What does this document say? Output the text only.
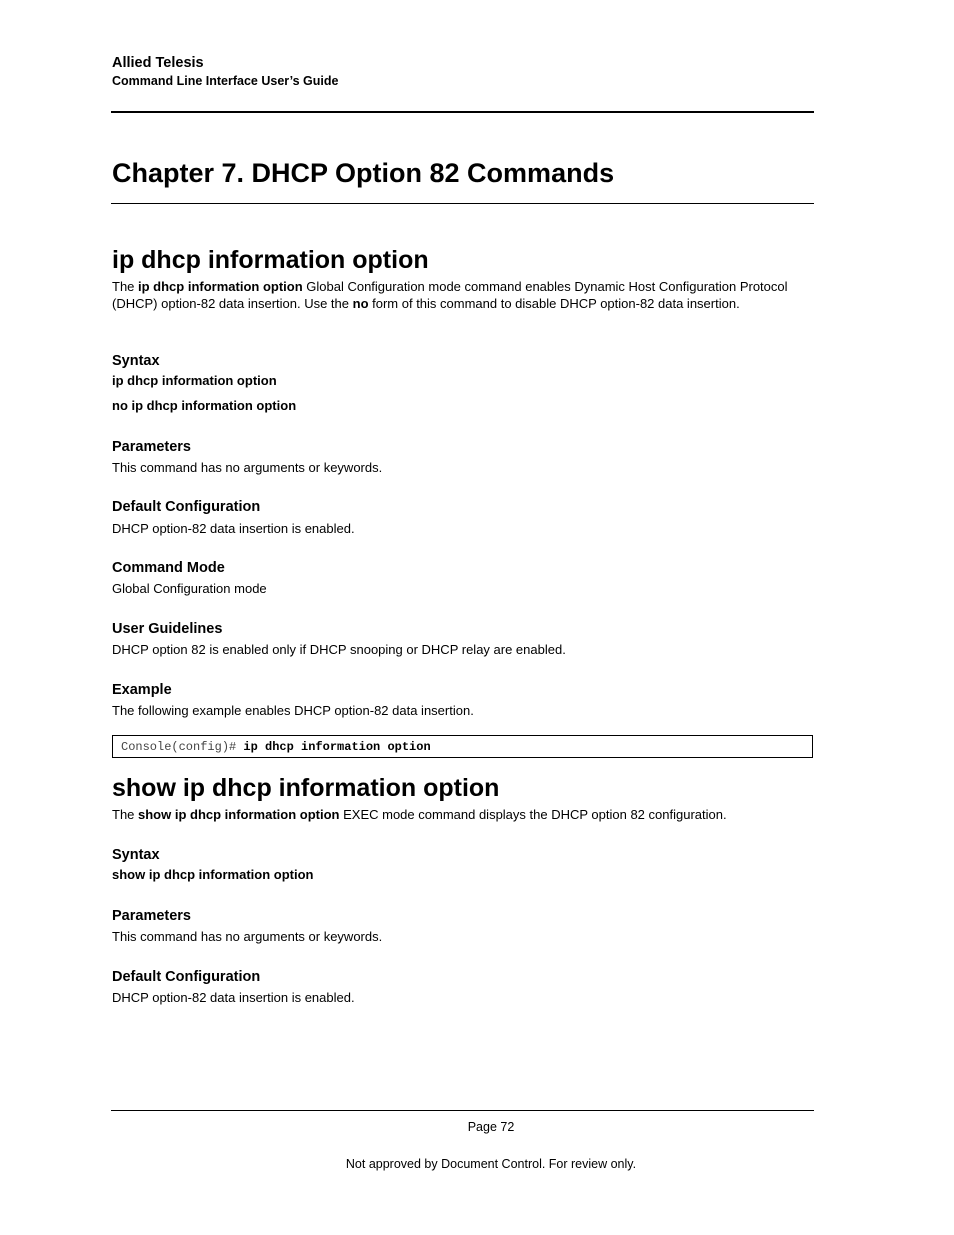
Allied Telesis
Command Line Interface User’s Guide
Chapter 7. DHCP Option 82 Commands
ip dhcp information option

The ip dhcp information option Global Configuration mode command enables Dynamic Host Configuration Protocol (DHCP) option-82 data insertion. Use the no form of this command to disable DHCP option-82 data insertion.

Syntax
ip dhcp information option
no ip dhcp information option
Parameters

This command has no arguments or keywords.

Default Configuration

DHCP option-82 data insertion is enabled.

Command Mode

Global Configuration mode

User Guidelines

DHCP option 82 is enabled only if DHCP snooping or DHCP relay are enabled.

Example

The following example enables DHCP option-82 data insertion.

Console(config)# ip dhcp information option
show ip dhcp information option

The show ip dhcp information option EXEC mode command displays the DHCP option 82 configuration.

Syntax
show ip dhcp information option
Parameters

This command has no arguments or keywords.

Default Configuration

DHCP option-82 data insertion is enabled.

Page 72
Not approved by Document Control. For review only.
